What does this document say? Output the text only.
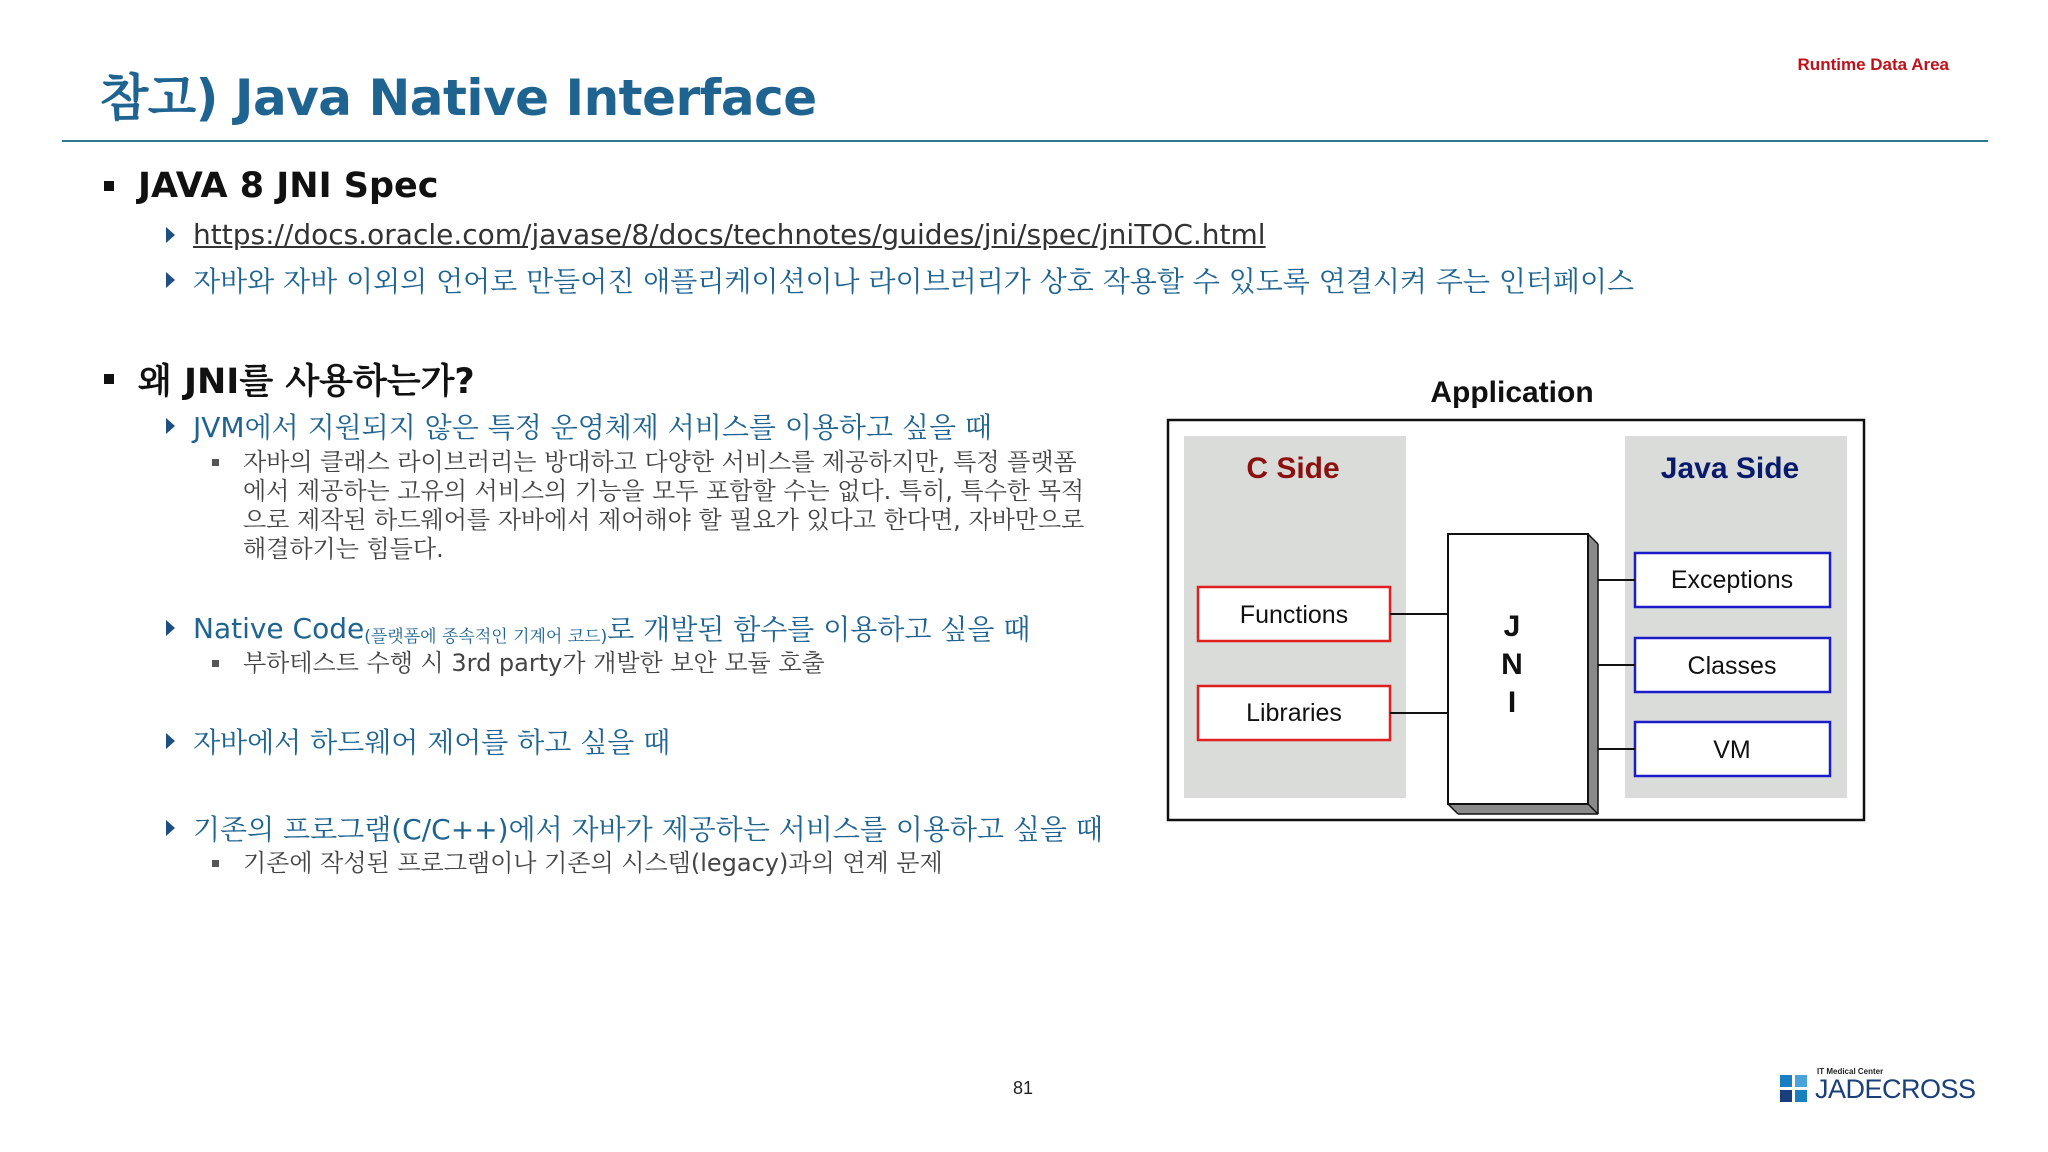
참고) Java Native Interface
Runtime Data Area
JAVA 8 JNI Spec
https://docs.oracle.com/javase/8/docs/technotes/guides/jni/spec/jniTOC.html
자바와 자바 이외의 언어로 만들어진 애플리케이션이나 라이브러리가 상호 작용할 수 있도록 연결시켜 주는 인터페이스
왜 JNI를 사용하는가?
JVM에서 지원되지 않은 특정 운영체제 서비스를 이용하고 싶을 때
자바의 클래스 라이브러리는 방대하고 다양한 서비스를 제공하지만, 특정 플랫폼
에서 제공하는 고유의 서비스의 기능을 모두 포함할 수는 없다. 특히, 특수한 목적
으로 제작된 하드웨어를 자바에서 제어해야 할 필요가 있다고 한다면, 자바만으로
해결하기는 힘들다.
Native Code (플랫폼에 종속적인 기계어 코드) 로 개발된 함수를 이용하고 싶을 때
부하테스트 수행 시 3rd party가 개발한 보안 모듈 호출
자바에서 하드웨어 제어를 하고 싶을 때
기존의 프로그램(C/C++)에서 자바가 제공하는 서비스를 이용하고 싶을 때
기존에 작성된 프로그램이나 기존의 시스템(legacy)과의 연계 문제
Application
C Side	Java Side
J
N
I
Functions
Libraries
Exceptions
Classes
VM
81
IT Medical Center
JADECROSS
